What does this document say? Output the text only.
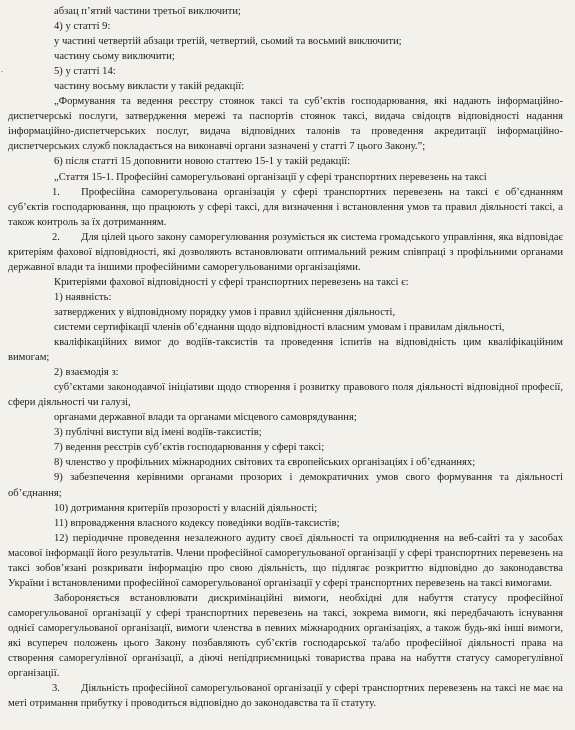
.

абзац п’ятий частини третьої виключити;

4) у статті 9:

у частині четвертій абзаци третій, четвертий, сьомий та восьмий виключити;

частину сьому виключити;

5) у статті 14:

частину восьму викласти у такій редакції:

„Формування та ведення реєстру стоянок таксі та суб’єктів господарювання, які надають інформаційно-диспетчерські послуги, затвердження мережі та паспортів стоянок таксі, видача свідоцтв відповідності надання інформаційно-диспетчерських послуг, видача відповідних талонів та проведення акредитації інформаційно-диспетчерських служб покладається на виконавчі органи зазначені у статті 7 цього Закону.”;

6) після статті 15 доповнити новою статтею 15-1 у такій редакції:

„Стаття 15-1. Професійні саморегульовані організації у сфері транспортних перевезень на таксі

1.  Професійна саморегульована організація у сфері транспортних перевезень на таксі є об’єднанням суб’єктів господарювання, що працюють у сфері таксі, для визначення і встановлення умов та правил діяльності таксі, а також контроль за їх дотриманням.

2.  Для цілей цього закону саморегулювання розуміється як система громадського управління, яка відповідає критеріям фахової відповідності, які дозволяють встановлювати оптимальний режим співпраці з профільними органами державної влади та іншими професійними саморегульованими організаціями.

Критеріями фахової відповідності у сфері транспортних перевезень на таксі є:

1) наявність:

затверджених у відповідному порядку умов і правил здійснення діяльності,

системи сертифікації членів об’єднання щодо відповідності власним умовам і правилам діяльності,

кваліфікаційних вимог до водіїв-таксистів та проведення іспитів на відповідність цим кваліфікаційним вимогам;

2) взаємодія з:

суб’єктами законодавчої ініціативи щодо створення і розвитку правового поля діяльності відповідної професії, сфери діяльності чи галузі,

органами державної влади та органами місцевого самоврядування;

3) публічні виступи від імені водіїв-таксистів;

7) ведення реєстрів суб’єктів господарювання у сфері таксі;

8) членство у профільних міжнародних світових та європейських організаціях і об’єднаннях;

9) забезпечення керівними органами прозорих і демократичних умов свого формування та діяльності об’єднання;

10) дотримання критеріїв прозорості у власній діяльності;

11) впровадження власного кодексу поведінки водіїв-таксистів;

12) періодичне проведення незалежного аудиту своєї діяльності та оприлюднення на веб-сайті та у засобах масової інформації його результатів. Члени професійної саморегульованої організації у сфері транспортних перевезень на таксі зобов’язані розкривати інформацію про свою діяльність, що підлягає розкриттю відповідно до законодавства України і встановленими професійної саморегульованої організації у сфері транспортних перевезень на таксі вимогами.

Забороняється встановлювати дискримінаційні вимоги, необхідні для набуття статусу професійної саморегульованої організації у сфері транспортних перевезень на таксі, зокрема вимоги, які передбачають існування однієї саморегульованої організації, вимоги членства в певних міжнародних організаціях, а також будь-які інші вимоги, які всупереч положень цього Закону позбавляють суб’єктів господарської та/або професійної діяльності права на створення саморегулівної організації, а діючі непідприємницькі товариства права на набуття статусу саморегулівної організації.

3.  Діяльність професійної саморегульованої організації у сфері транспортних перевезень на таксі не має на меті отримання прибутку і проводиться відповідно до законодавства та її статуту.
